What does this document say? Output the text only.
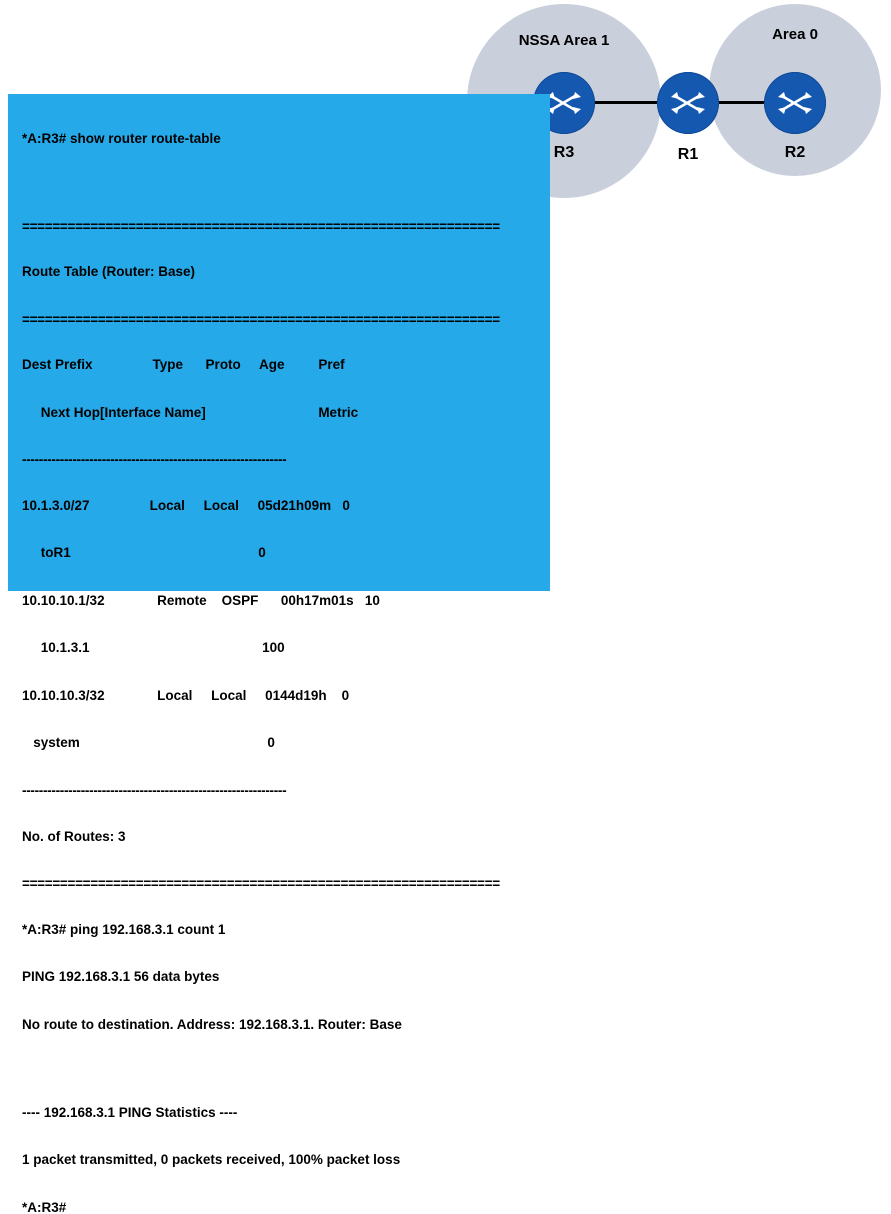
NSSA Area 1	Area 0
R3	R1	R2

*A:R3# show router route-table

===============================================================

Route Table (Router: Base)

===============================================================

Dest Prefix                Type      Proto     Age         Pref

Next Hop[Interface Name]                              Metric

---------------------------------------------------------------

10.1.3.0/27                Local     Local     05d21h09m   0

toR1                                                  0

10.10.10.1/32              Remote    OSPF      00h17m01s   10

10.1.3.1                                              100

10.10.10.3/32              Local     Local     0144d19h    0

system                                                  0

---------------------------------------------------------------

No. of Routes: 3

===============================================================

*A:R3# ping 192.168.3.1 count 1

PING 192.168.3.1 56 data bytes

No route to destination. Address: 192.168.3.1. Router: Base

---- 192.168.3.1 PING Statistics ----

1 packet transmitted, 0 packets received, 100% packet loss

*A:R3#
